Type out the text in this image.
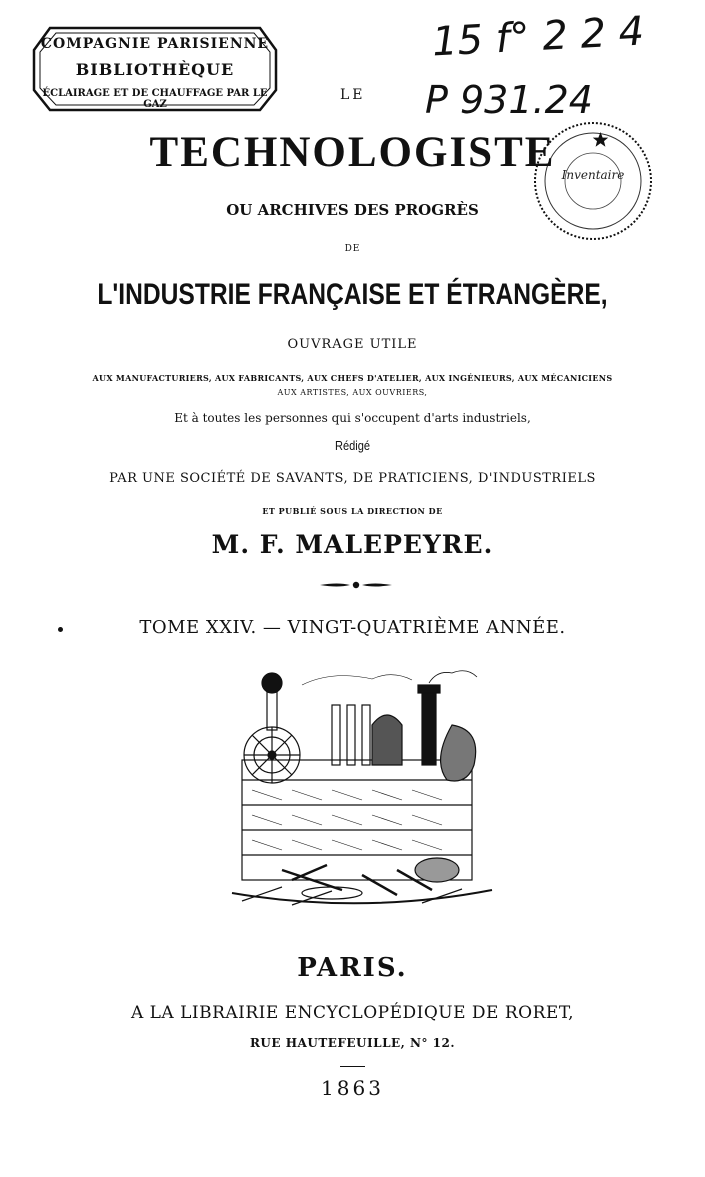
COMPAGNIE PARISIENNE
BIBLIOTHÈQUE
ÉCLAIRAGE ET DE CHAUFFAGE PAR LE GAZ
15 f° 2 2 4
P 931.24
Inventaire
LE
TECHNOLOGISTE
OU ARCHIVES DES PROGRÈS
DE
L'INDUSTRIE FRANÇAISE ET ÉTRANGÈRE,
OUVRAGE UTILE
AUX MANUFACTURIERS, AUX FABRICANTS, AUX CHEFS D'ATELIER, AUX INGÉNIEURS, AUX MÉCANICIENS
AUX ARTISTES, AUX OUVRIERS,
Et à toutes les personnes qui s'occupent d'arts industriels,
Rédigé
PAR UNE SOCIÉTÉ DE SAVANTS, DE PRATICIENS, D'INDUSTRIELS
ET PUBLIÉ SOUS LA DIRECTION DE
M. F. MALEPEYRE.
TOME XXIV. — VINGT-QUATRIÈME ANNÉE.
PARIS.
A LA LIBRAIRIE ENCYCLOPÉDIQUE DE RORET,
RUE HAUTEFEUILLE, N° 12.
1863
